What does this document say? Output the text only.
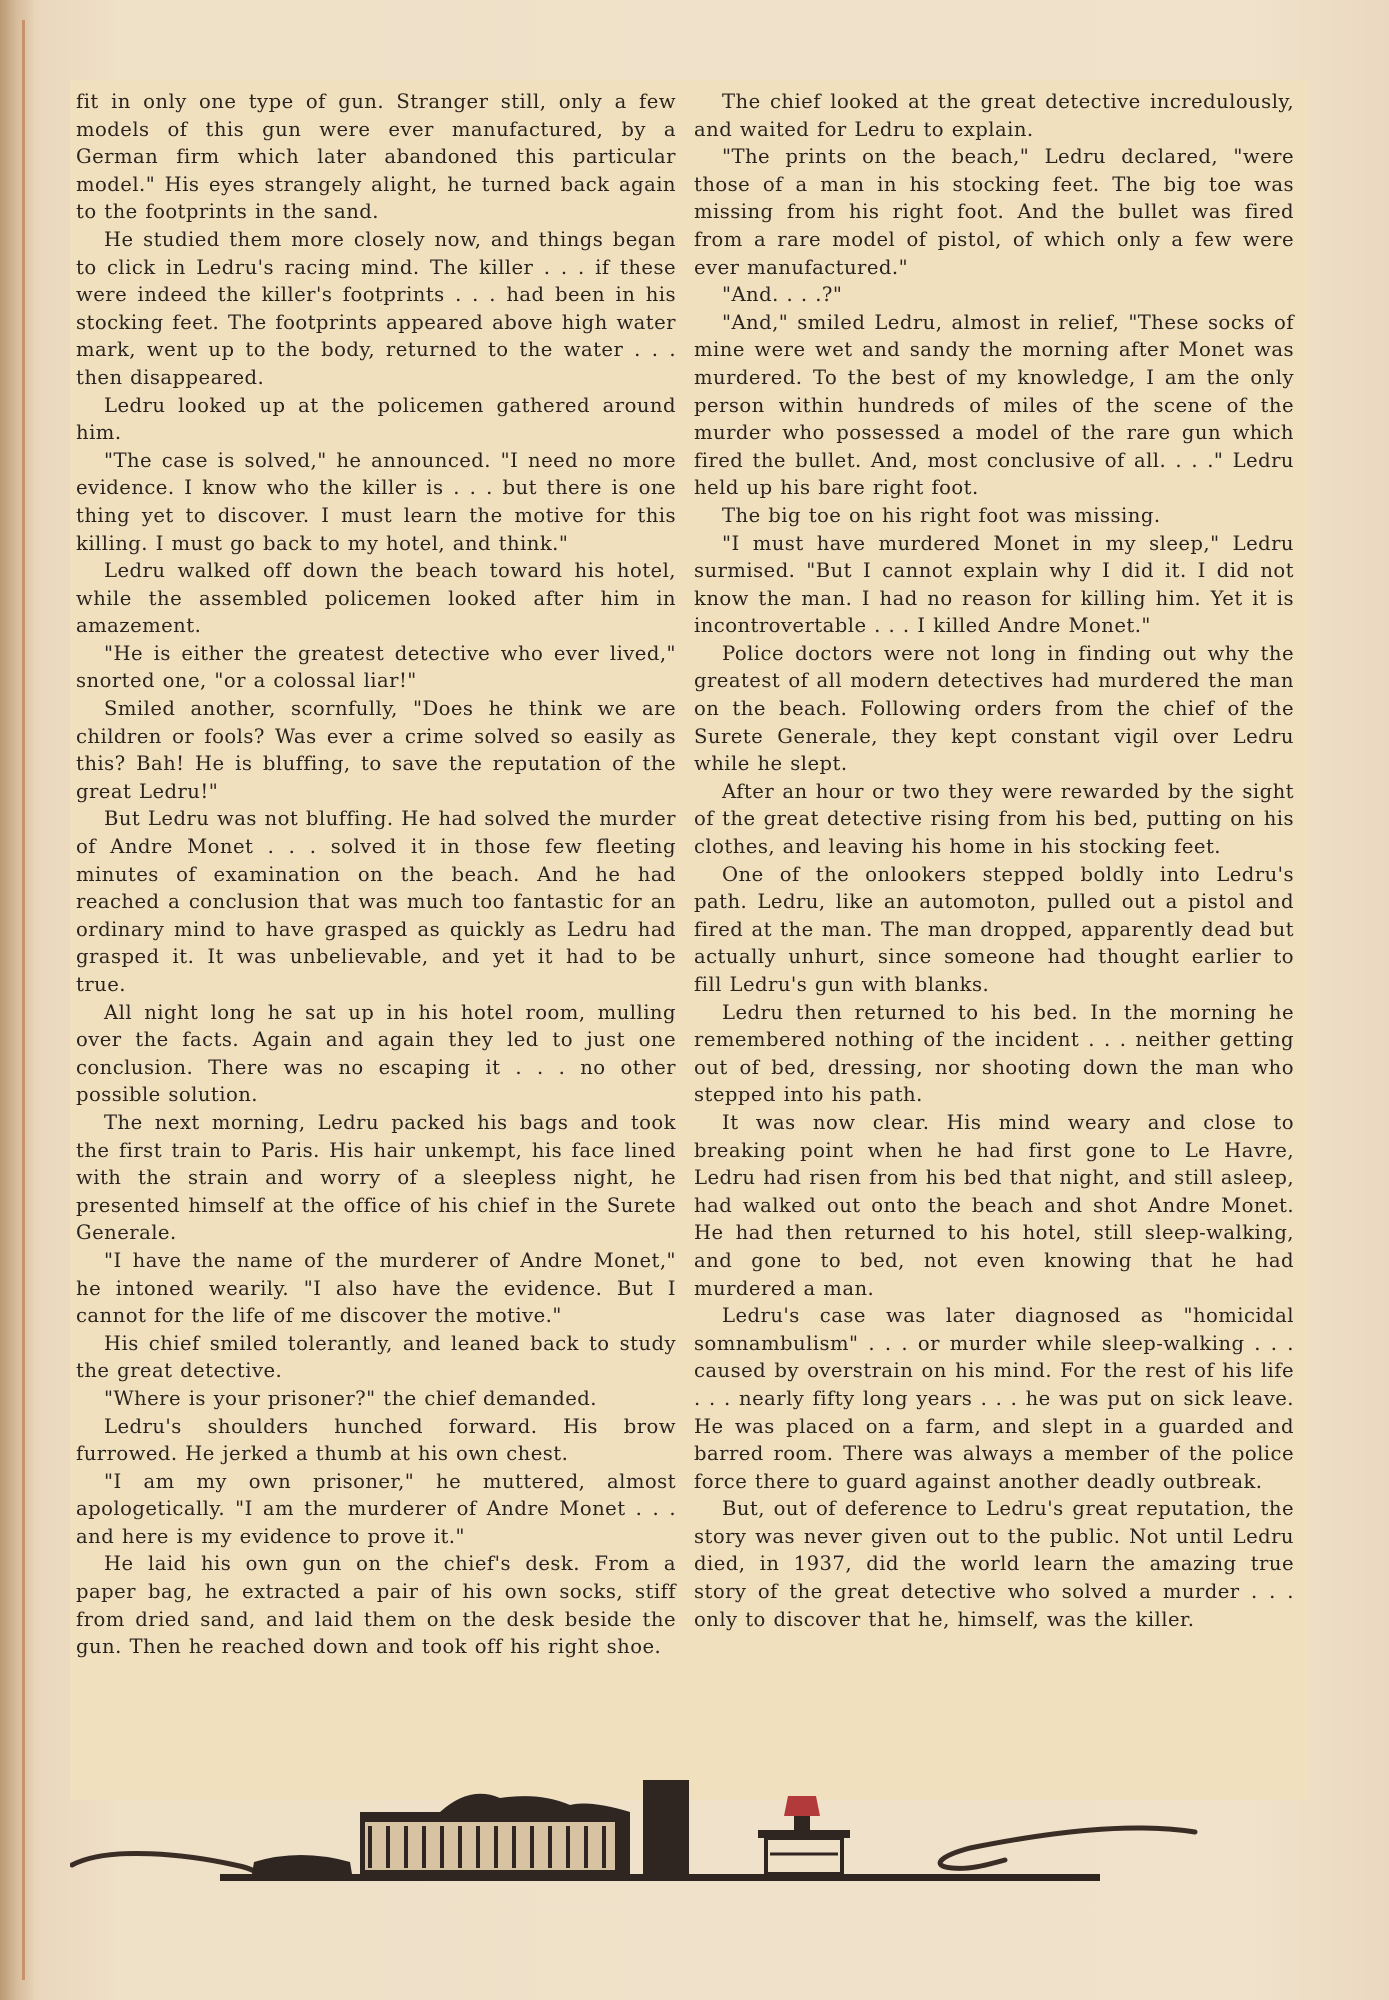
fit in only one type of gun. Stranger still, only a few models of this gun were ever manufactured, by a German firm which later abandoned this particular model." His eyes strangely alight, he turned back again to the footprints in the sand.

He studied them more closely now, and things began to click in Ledru's racing mind. The killer . . . if these were indeed the killer's footprints . . . had been in his stocking feet. The footprints appeared above high water mark, went up to the body, returned to the water . . . then disappeared.

Ledru looked up at the policemen gathered around him.

"The case is solved," he announced. "I need no more evidence. I know who the killer is . . . but there is one thing yet to discover. I must learn the motive for this killing. I must go back to my hotel, and think."

Ledru walked off down the beach toward his hotel, while the assembled policemen looked after him in amazement.

"He is either the greatest detective who ever lived," snorted one, "or a colossal liar!"

Smiled another, scornfully, "Does he think we are children or fools? Was ever a crime solved so easily as this? Bah! He is bluffing, to save the reputation of the great Ledru!"

But Ledru was not bluffing. He had solved the murder of Andre Monet . . . solved it in those few fleeting minutes of examination on the beach. And he had reached a conclusion that was much too fantastic for an ordinary mind to have grasped as quickly as Ledru had grasped it. It was unbelievable, and yet it had to be true.

All night long he sat up in his hotel room, mulling over the facts. Again and again they led to just one conclusion. There was no escaping it . . . no other possible solution.

The next morning, Ledru packed his bags and took the first train to Paris. His hair unkempt, his face lined with the strain and worry of a sleepless night, he presented himself at the office of his chief in the Surete Generale.

"I have the name of the murderer of Andre Monet," he intoned wearily. "I also have the evidence. But I cannot for the life of me discover the motive."

His chief smiled tolerantly, and leaned back to study the great detective.

"Where is your prisoner?" the chief demanded.

Ledru's shoulders hunched forward. His brow furrowed. He jerked a thumb at his own chest.

"I am my own prisoner," he muttered, almost apologetically. "I am the murderer of Andre Monet . . . and here is my evidence to prove it."

He laid his own gun on the chief's desk. From a paper bag, he extracted a pair of his own socks, stiff from dried sand, and laid them on the desk beside the gun. Then he reached down and took off his right shoe.

The chief looked at the great detective incredulously, and waited for Ledru to explain.

"The prints on the beach," Ledru declared, "were those of a man in his stocking feet. The big toe was missing from his right foot. And the bullet was fired from a rare model of pistol, of which only a few were ever manufactured."

"And. . . .?"

"And," smiled Ledru, almost in relief, "These socks of mine were wet and sandy the morning after Monet was murdered. To the best of my knowledge, I am the only person within hundreds of miles of the scene of the murder who possessed a model of the rare gun which fired the bullet. And, most conclusive of all. . . ." Ledru held up his bare right foot.

The big toe on his right foot was missing.

"I must have murdered Monet in my sleep," Ledru surmised. "But I cannot explain why I did it. I did not know the man. I had no reason for killing him. Yet it is incontrovertable . . . I killed Andre Monet."

Police doctors were not long in finding out why the greatest of all modern detectives had murdered the man on the beach. Following orders from the chief of the Surete Generale, they kept constant vigil over Ledru while he slept.

After an hour or two they were rewarded by the sight of the great detective rising from his bed, putting on his clothes, and leaving his home in his stocking feet.

One of the onlookers stepped boldly into Ledru's path. Ledru, like an automoton, pulled out a pistol and fired at the man. The man dropped, apparently dead but actually unhurt, since someone had thought earlier to fill Ledru's gun with blanks.

Ledru then returned to his bed. In the morning he remembered nothing of the incident . . . neither getting out of bed, dressing, nor shooting down the man who stepped into his path.

It was now clear. His mind weary and close to breaking point when he had first gone to Le Havre, Ledru had risen from his bed that night, and still asleep, had walked out onto the beach and shot Andre Monet. He had then returned to his hotel, still sleep-walking, and gone to bed, not even knowing that he had murdered a man.

Ledru's case was later diagnosed as "homicidal somnambulism" . . . or murder while sleep-walking . . . caused by overstrain on his mind. For the rest of his life . . . nearly fifty long years . . . he was put on sick leave. He was placed on a farm, and slept in a guarded and barred room. There was always a member of the police force there to guard against another deadly outbreak.

But, out of deference to Ledru's great reputation, the story was never given out to the public. Not until Ledru died, in 1937, did the world learn the amazing true story of the great detective who solved a murder . . . only to discover that he, himself, was the killer.
